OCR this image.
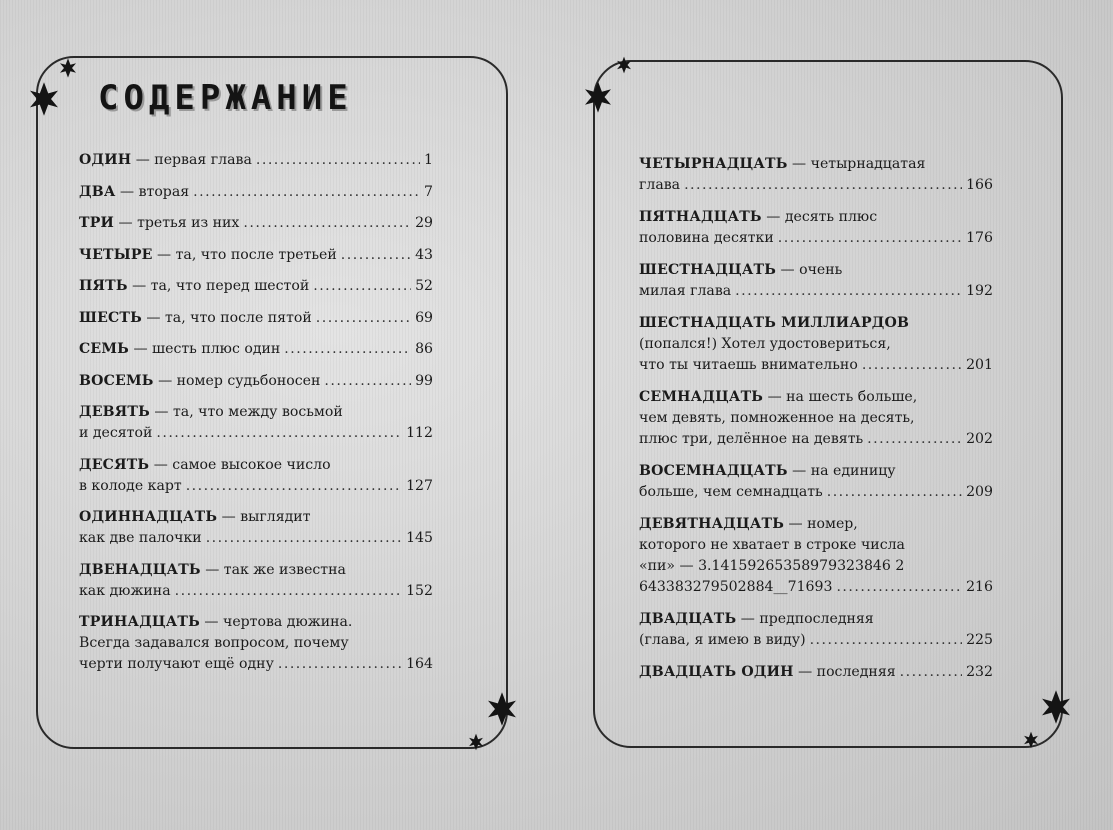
СОДЕРЖАНИЕ
ОДИН — первая глава .....	1
ДВА — вторая .....	7
ТРИ — третья из них .....	29
ЧЕТЫРЕ — та, что после третьей .....	43
ПЯТЬ — та, что перед шестой .....	52
ШЕСТЬ — та, что после пятой .....	69
СЕМЬ — шесть плюс один .....	86
ВОСЕМЬ — номер судьбоносен .....	99
ДЕВЯТЬ — та, что между восьмой
и десятой .....	112
ДЕСЯТЬ — самое высокое число
в колоде карт .....	127
ОДИННАДЦАТЬ — выглядит
как две палочки .....	145
ДВЕНАДЦАТЬ — так же известна
как дюжина .....	152
ТРИНАДЦАТЬ — чертова дюжина.
Всегда задавался вопросом, почему
черти получают ещё одну .....	164
ЧЕТЫРНАДЦАТЬ — четырнадцатая
глава .....	166
ПЯТНАДЦАТЬ — десять плюс
половина десятки .....	176
ШЕСТНАДЦАТЬ — очень
милая глава .....	192
ШЕСТНАДЦАТЬ МИЛЛИАРДОВ
(попался!) Хотел удостовериться,
что ты читаешь внимательно .....	201
СЕМНАДЦАТЬ — на шесть больше,
чем девять, помноженное на десять,
плюс три, делённое на девять .....	202
ВОСЕМНАДЦАТЬ — на единицу
больше, чем семнадцать .....	209
ДЕВЯТНАДЦАТЬ — номер,
которого не хватает в строке числа
«пи» — 3.14159265358979323846 2
643383279502884__71693 .....	216
ДВАДЦАТЬ — предпоследняя
(глава, я имею в виду) .....	225
ДВАДЦАТЬ ОДИН — последняя .....	232
